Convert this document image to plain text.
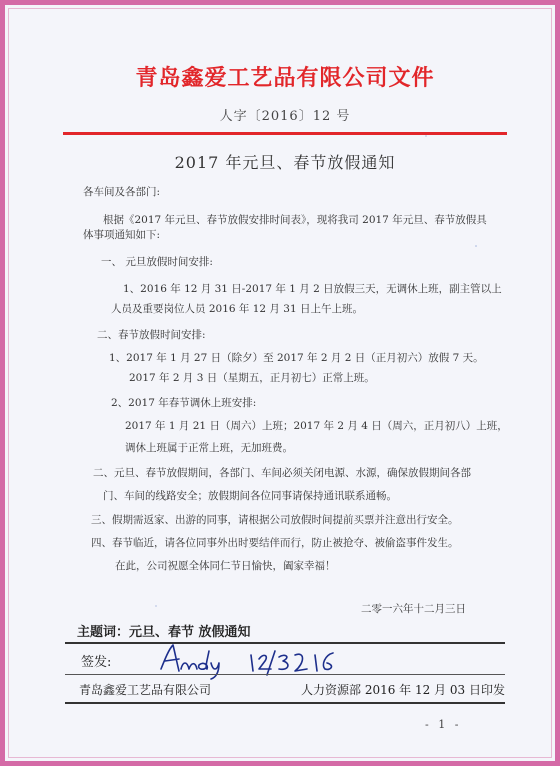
青岛鑫爱工艺品有限公司文件
人字〔2016〕12 号
2017 年元旦、春节放假通知
各车间及各部门:
根据《2017 年元旦、春节放假安排时间表》，现将我司 2017 年元旦、春节放假具
体事项通知如下:
一、 元旦放假时间安排:
1、2016 年 12 月 31 日-2017 年 1 月 2 日放假三天，无调休上班，副主管以上
人员及重要岗位人员 2016 年 12 月 31 日上午上班。
二、春节放假时间安排:
1、2017 年 1 月 27 日（除夕）至 2017 年 2 月 2 日（正月初六）放假 7 天。
2017 年 2 月 3 日（星期五，正月初七）正常上班。
2、2017 年春节调休上班安排:
2017 年 1 月 21 日（周六）上班；2017 年 2 月 4 日（周六，正月初八）上班，
调休上班属于正常上班，无加班费。
二、元旦、春节放假期间，各部门、车间必须关闭电源、水源，确保放假期间各部
门、车间的线路安全；放假期间各位同事请保持通讯联系通畅。
三、假期需返家、出游的同事，请根据公司放假时间提前买票并注意出行安全。
四、春节临近，请各位同事外出时要结伴而行，防止被抢夺、被偷盗事件发生。
在此，公司祝愿全体同仁节日愉快，阖家幸福！
二零一六年十二月三日
主题词：元旦、春节 放假通知
签发:
青岛鑫爱工艺品有限公司	人力资源部 2016 年 12 月 03 日印发
- 1 -
